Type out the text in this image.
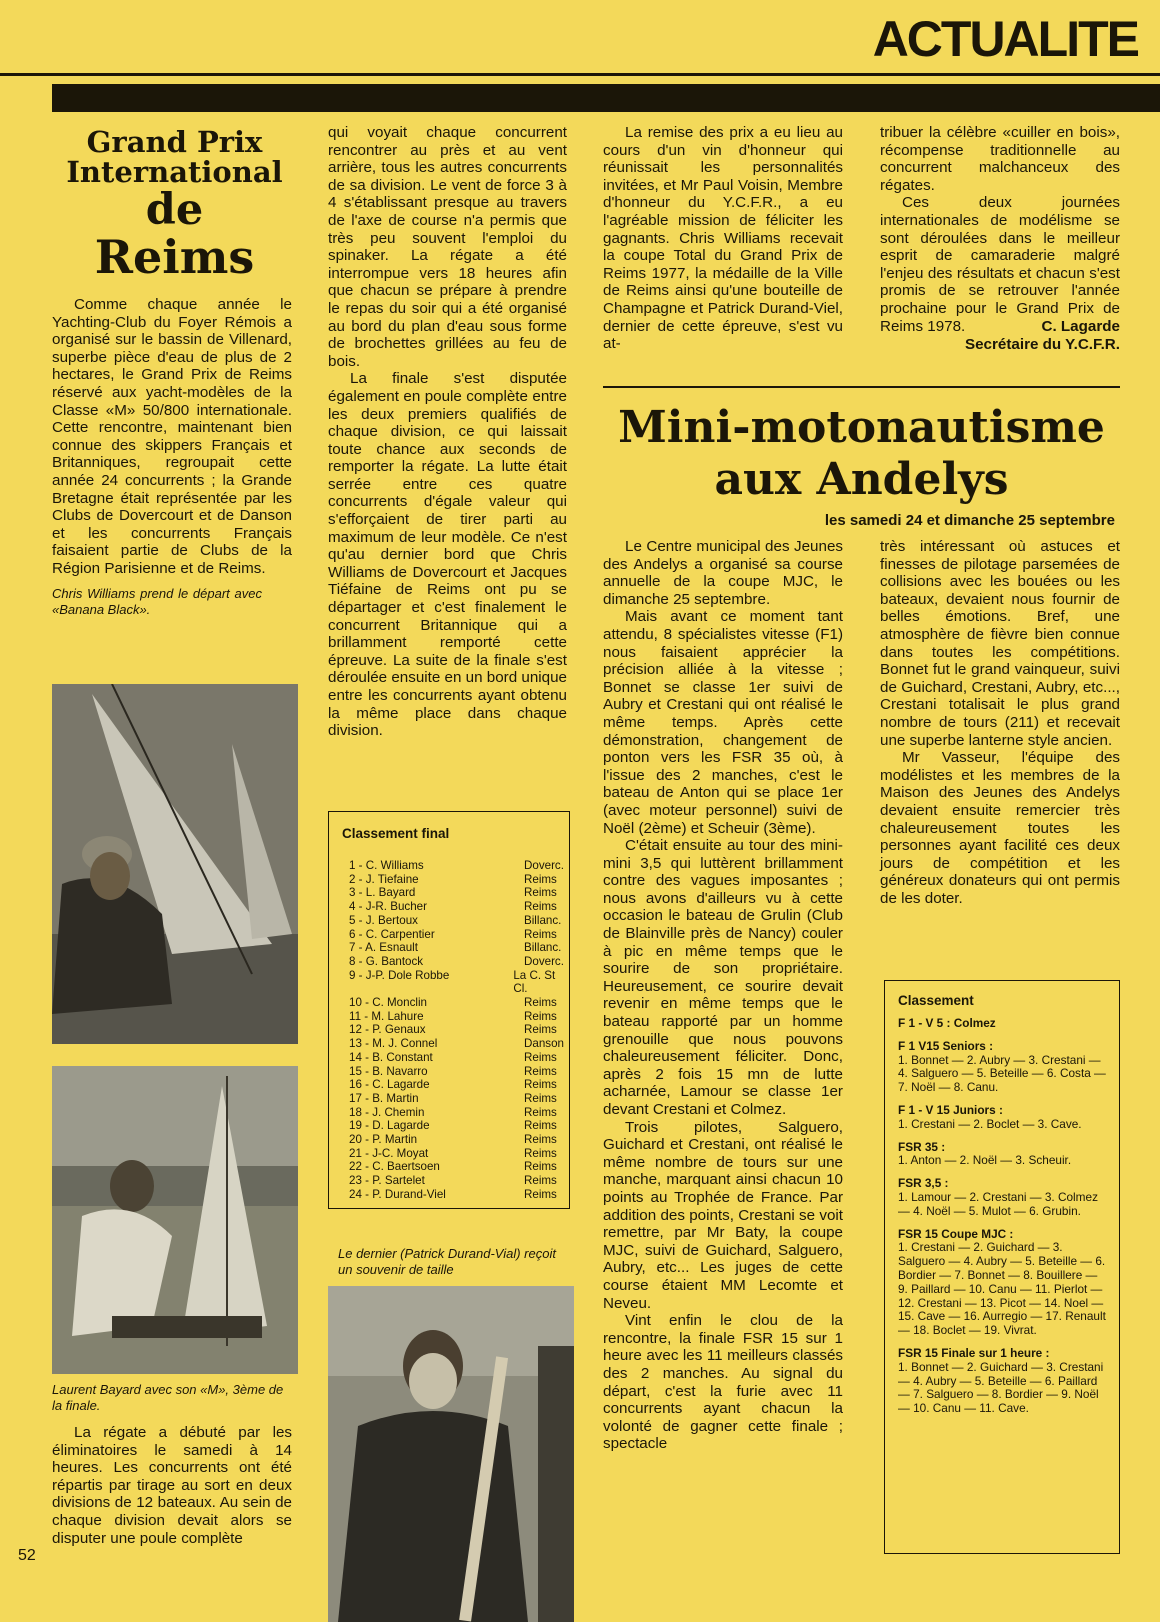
ACTUALITE
Grand Prix
International
de
Reims

Comme chaque année le Yachting-Club du Foyer Rémois a organisé sur le bassin de Villenard, superbe pièce d'eau de plus de 2 hectares, le Grand Prix de Reims réservé aux yacht-modèles de la Classe «M» 50/800 internationale. Cette rencontre, maintenant bien connue des skippers Français et Britanniques, regroupait cette année 24 concurrents ; la Grande Bretagne était représentée par les Clubs de Dovercourt et de Danson et les concurrents Français faisaient partie de Clubs de la Région Parisienne et de Reims.

Chris Williams prend le départ avec «Banana Black».
Laurent Bayard avec son «M», 3ème de la finale.

La régate a débuté par les éliminatoires le samedi à 14 heures. Les concurrents ont été répartis par tirage au sort en deux divisions de 12 bateaux. Au sein de chaque division devait alors se disputer une poule complète

52

qui voyait chaque concurrent rencontrer au près et au vent arrière, tous les autres concurrents de sa division. Le vent de force 3 à 4 s'établissant presque au travers de l'axe de course n'a permis que très peu souvent l'emploi du spinaker. La régate a été interrompue vers 18 heures afin que chacun se prépare à prendre le repas du soir qui a été organisé au bord du plan d'eau sous forme de brochettes grillées au feu de bois.

La finale s'est disputée également en poule complète entre les deux premiers qualifiés de chaque division, ce qui laissait toute chance aux seconds de remporter la régate. La lutte était serrée entre ces quatre concurrents d'égale valeur qui s'efforçaient de tirer parti au maximum de leur modèle. Ce n'est qu'au dernier bord que Chris Williams de Dovercourt et Jacques Tiéfaine de Reims ont pu se départager et c'est finalement le concurrent Britannique qui a brillamment remporté cette épreuve. La suite de la finale s'est déroulée ensuite en un bord unique entre les concurrents ayant obtenu la même place dans chaque division.

Classement final
1 - C. Williams	Doverc.
2 - J. Tiefaine	Reims
3 - L. Bayard	Reims
4 - J-R. Bucher	Reims
5 - J. Bertoux	Billanc.
6 - C. Carpentier	Reims
7 - A. Esnault	Billanc.
8 - G. Bantock	Doverc.
9 - J-P. Dole Robbe	La C. St Cl.
10 - C. Monclin	Reims
11 - M. Lahure	Reims
12 - P. Genaux	Reims
13 - M. J. Connel	Danson
14 - B. Constant	Reims
15 - B. Navarro	Reims
16 - C. Lagarde	Reims
17 - B. Martin	Reims
18 - J. Chemin	Reims
19 - D. Lagarde	Reims
20 - P. Martin	Reims
21 - J-C. Moyat	Reims
22 - C. Baertsoen	Reims
23 - P. Sartelet	Reims
24 - P. Durand-Viel	Reims
Le dernier (Patrick Durand-Vial) reçoit un souvenir de taille

La remise des prix a eu lieu au cours d'un vin d'honneur qui réunissait les personnalités invitées, et Mr Paul Voisin, Membre d'honneur du Y.C.F.R., a eu l'agréable mission de féliciter les gagnants. Chris Williams recevait la coupe Total du Grand Prix de Reims 1977, la médaille de la Ville de Reims ainsi qu'une bouteille de Champagne et Patrick Durand-Viel, dernier de cette épreuve, s'est vu at-

tribuer la célèbre «cuiller en bois», récompense traditionnelle au concurrent malchanceux des régates.

Ces deux journées internationales de modélisme se sont déroulées dans le meilleur esprit de camaraderie malgré l'enjeu des résultats et chacun s'est promis de se retrouver l'année prochaine pour le Grand Prix de Reims 1978.	C. Lagarde
Secrétaire du Y.C.F.R.
Mini-motonautisme
aux Andelys
les samedi 24 et dimanche 25 septembre

Le Centre municipal des Jeunes des Andelys a organisé sa course annuelle de la coupe MJC, le dimanche 25 septembre.

Mais avant ce moment tant attendu, 8 spécialistes vitesse (F1) nous faisaient apprécier la précision alliée à la vitesse ; Bonnet se classe 1er suivi de Aubry et Crestani qui ont réalisé le même temps. Après cette démonstration, changement de ponton vers les FSR 35 où, à l'issue des 2 manches, c'est le bateau de Anton qui se place 1er (avec moteur personnel) suivi de Noël (2ème) et Scheuir (3ème).

C'était ensuite au tour des mini-mini 3,5 qui luttèrent brillamment contre des vagues imposantes ; nous avons d'ailleurs vu à cette occasion le bateau de Grulin (Club de Blainville près de Nancy) couler à pic en même temps que le sourire de son propriétaire. Heureusement, ce sourire devait revenir en même temps que le bateau rapporté par un homme grenouille que nous pouvons chaleureusement féliciter. Donc, après 2 fois 15 mn de lutte acharnée, Lamour se classe 1er devant Crestani et Colmez.

Trois pilotes, Salguero, Guichard et Crestani, ont réalisé le même nombre de tours sur une manche, marquant ainsi chacun 10 points au Trophée de France. Par addition des points, Crestani se voit remettre, par Mr Baty, la coupe MJC, suivi de Guichard, Salguero, Aubry, etc... Les juges de cette course étaient MM Lecomte et Neveu.

Vint enfin le clou de la rencontre, la finale FSR 15 sur 1 heure avec les 11 meilleurs classés des 2 manches. Au signal du départ, c'est la furie avec 11 concurrents ayant chacun la volonté de gagner cette finale ; spectacle

très intéressant où astuces et finesses de pilotage parsemées de collisions avec les bouées ou les bateaux, devaient nous fournir de belles émotions. Bref, une atmosphère de fièvre bien connue dans toutes les compétitions. Bonnet fut le grand vainqueur, suivi de Guichard, Crestani, Aubry, etc..., Crestani totalisait le plus grand nombre de tours (211) et recevait une superbe lanterne style ancien.

Mr Vasseur, l'équipe des modélistes et les membres de la Maison des Jeunes des Andelys devaient ensuite remercier très chaleureusement toutes les personnes ayant facilité ces deux jours de compétition et les généreux donateurs qui ont permis de les doter.

Classement

F 1 - V 5 : Colmez

F 1 V15 Seniors :

1. Bonnet — 2. Aubry — 3. Crestani — 4. Salguero — 5. Beteille — 6. Costa — 7. Noël — 8. Canu.

F 1 - V 15 Juniors :

1. Crestani — 2. Boclet — 3. Cave.

FSR 35 :

1. Anton — 2. Noël — 3. Scheuir.

FSR 3,5 :

1. Lamour — 2. Crestani — 3. Colmez — 4. Noël — 5. Mulot — 6. Grubin.

FSR 15 Coupe MJC :

1. Crestani — 2. Guichard — 3. Salguero — 4. Aubry — 5. Beteille — 6. Bordier — 7. Bonnet — 8. Bouillere — 9. Paillard — 10. Canu — 11. Pierlot — 12. Crestani — 13. Picot — 14. Noel — 15. Cave — 16. Aurregio — 17. Renault — 18. Boclet — 19. Vivrat.

FSR 15 Finale sur 1 heure :

1. Bonnet — 2. Guichard — 3. Crestani — 4. Aubry — 5. Beteille — 6. Paillard — 7. Salguero — 8. Bordier — 9. Noël — 10. Canu — 11. Cave.
